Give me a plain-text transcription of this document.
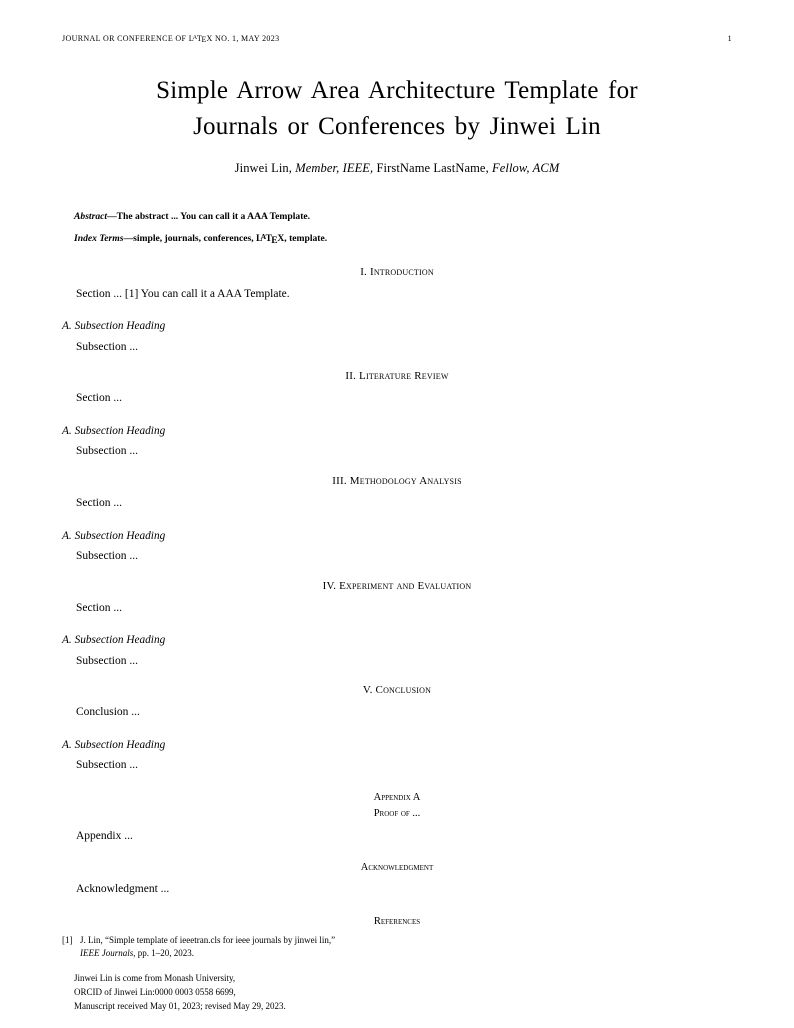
JOURNAL OR CONFERENCE OF $L^ATEX$ NO. 1, MAY 2023	1
Simple Arrow Area Architecture Template for
Journals or Conferences by Jinwei Lin
Jinwei Lin, Member, IEEE, FirstName LastName, Fellow, ACM

Abstract—The abstract ... You can call it a AAA Template.

Index Terms—simple, journals, conferences, $L^ATEX$, template.

I. Introduction

Section ... [1] You can call it a AAA Template.

A. Subsection Heading

Subsection ...

II. Literature Review

Section ...

A. Subsection Heading

Subsection ...

III. Methodology Analysis

Section ...

A. Subsection Heading

Subsection ...

IV. Experiment and Evaluation

Section ...

A. Subsection Heading

Subsection ...

V. Conclusion

Conclusion ...

A. Subsection Heading

Subsection ...

Appendix A
Proof of ...

Appendix ...

Acknowledgment

Acknowledgment ...

References
[1] J. Lin, “Simple template of ieeetran.cls for ieee journals by jinwei lin,”
IEEE Journals, pp. 1–20, 2023.
Jinwei Lin is come from Monash University,
ORCID of Jinwei Lin:0000 0003 0558 6699,
Manuscript received May 01, 2023; revised May 29, 2023.
